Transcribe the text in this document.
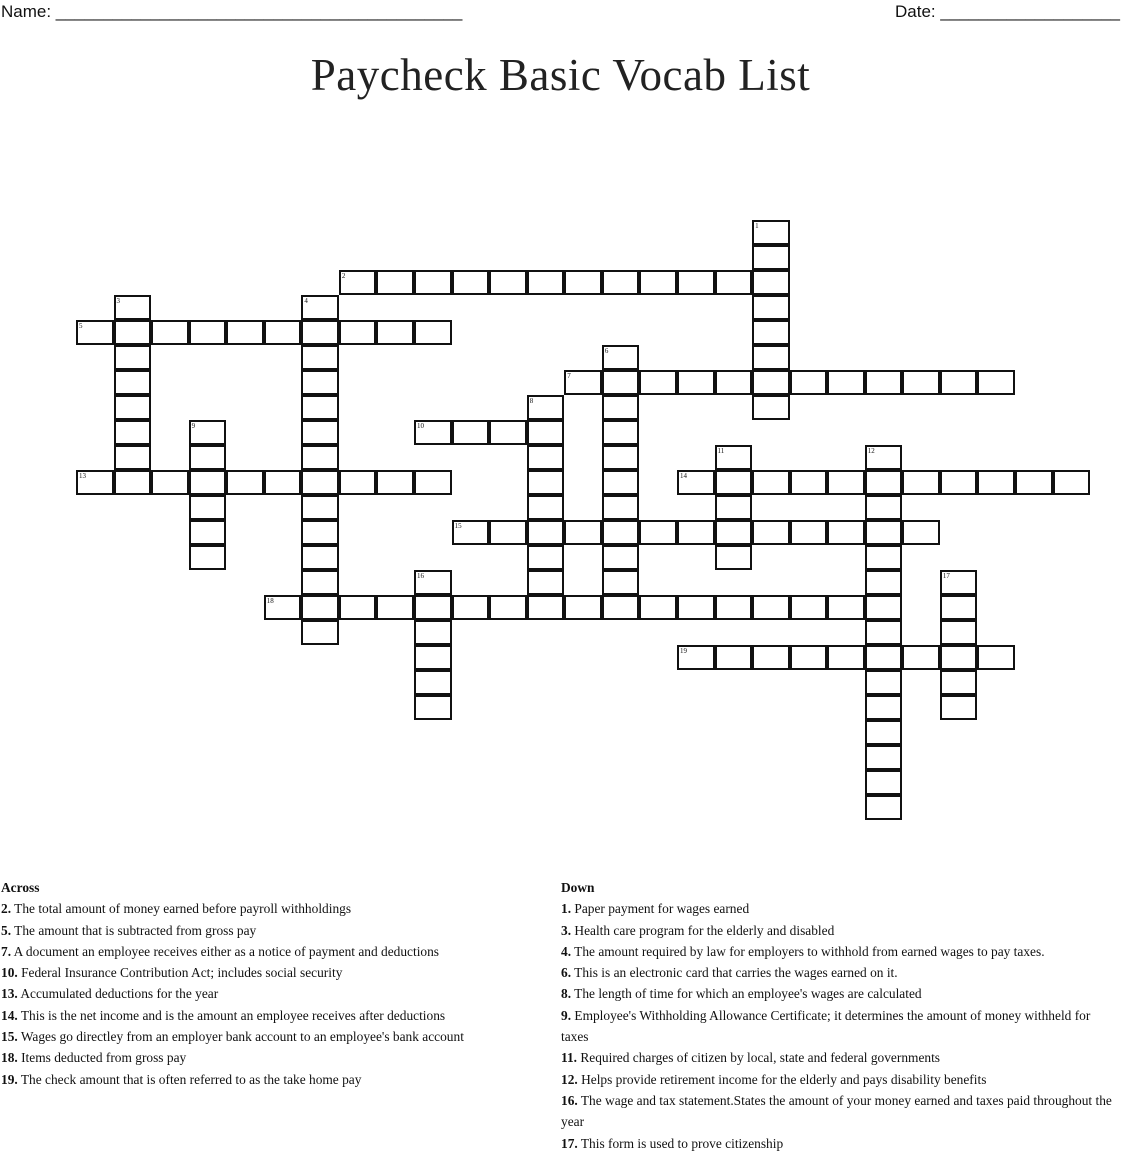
Name: ___________________________________________	Date: ___________________
Paycheck Basic Vocab List
1
2
3	4
5
6
7
8
9	10
11	12
13	14
15
16	17
18
19
Across
2. The total amount of money earned before payroll withholdings
5. The amount that is subtracted from gross pay
7. A document an employee receives either as a notice of payment and deductions
10. Federal Insurance Contribution Act; includes social security
13. Accumulated deductions for the year
14. This is the net income and is the amount an employee receives after deductions
15. Wages go directley from an employer bank account to an employee's bank account
18. Items deducted from gross pay
19. The check amount that is often referred to as the take home pay
Down
1. Paper payment for wages earned
3. Health care program for the elderly and disabled
4. The amount required by law for employers to withhold from earned wages to pay taxes.
6. This is an electronic card that carries the wages earned on it.
8. The length of time for which an employee's wages are calculated
9. Employee's Withholding Allowance Certificate; it determines the amount of money withheld for taxes
11. Required charges of citizen by local, state and federal governments
12. Helps provide retirement income for the elderly and pays disability benefits
16. The wage and tax statement.States the amount of your money earned and taxes paid throughout the year
17. This form is used to prove citizenship
